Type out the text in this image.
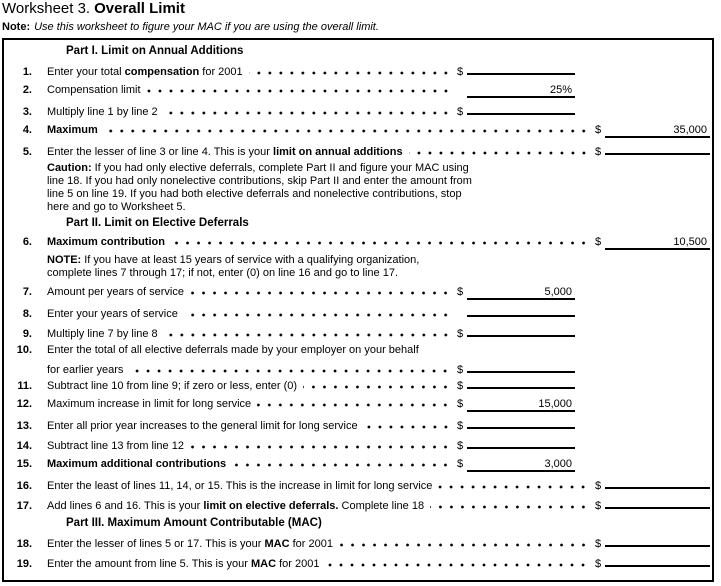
Worksheet 3. Overall Limit
Note: Use this worksheet to figure your MAC if you are using the overall limit.
Part I. Limit on Annual Additions
1. Enter your total compensation for 2001	$
2. Compensation limit	25%
3. Multiply line 1 by line 2	$
4. Maximum	$	35,000
5. Enter the lesser of line 3 or line 4. This is your limit on annual additions	$
Caution: If you had only elective deferrals, complete Part II and figure your MAC using line 18. If you had only nonelective contributions, skip Part II and enter the amount from line 5 on line 19. If you had both elective deferrals and nonelective contributions, stop here and go to Worksheet 5.
Part II. Limit on Elective Deferrals
6. Maximum contribution	$	10,500
NOTE: If you have at least 15 years of service with a qualifying organization, complete lines 7 through 17; if not, enter (0) on line 16 and go to line 17.
7. Amount per years of service	$	5,000
8. Enter your years of service
9. Multiply line 7 by line 8	$
10. Enter the total of all elective deferrals made by your employer on your behalf
for earlier years	$
11. Subtract line 10 from line 9; if zero or less, enter (0)	$
12. Maximum increase in limit for long service	$	15,000
13. Enter all prior year increases to the general limit for long service	$
14. Subtract line 13 from line 12	$
15. Maximum additional contributions	$	3,000
16. Enter the least of lines 11, 14, or 15. This is the increase in limit for long service	$
17. Add lines 6 and 16. This is your limit on elective deferrals. Complete line 18	$
Part III. Maximum Amount Contributable (MAC)
18. Enter the lesser of lines 5 or 17. This is your MAC for 2001	$
19. Enter the amount from line 5. This is your MAC for 2001	$
